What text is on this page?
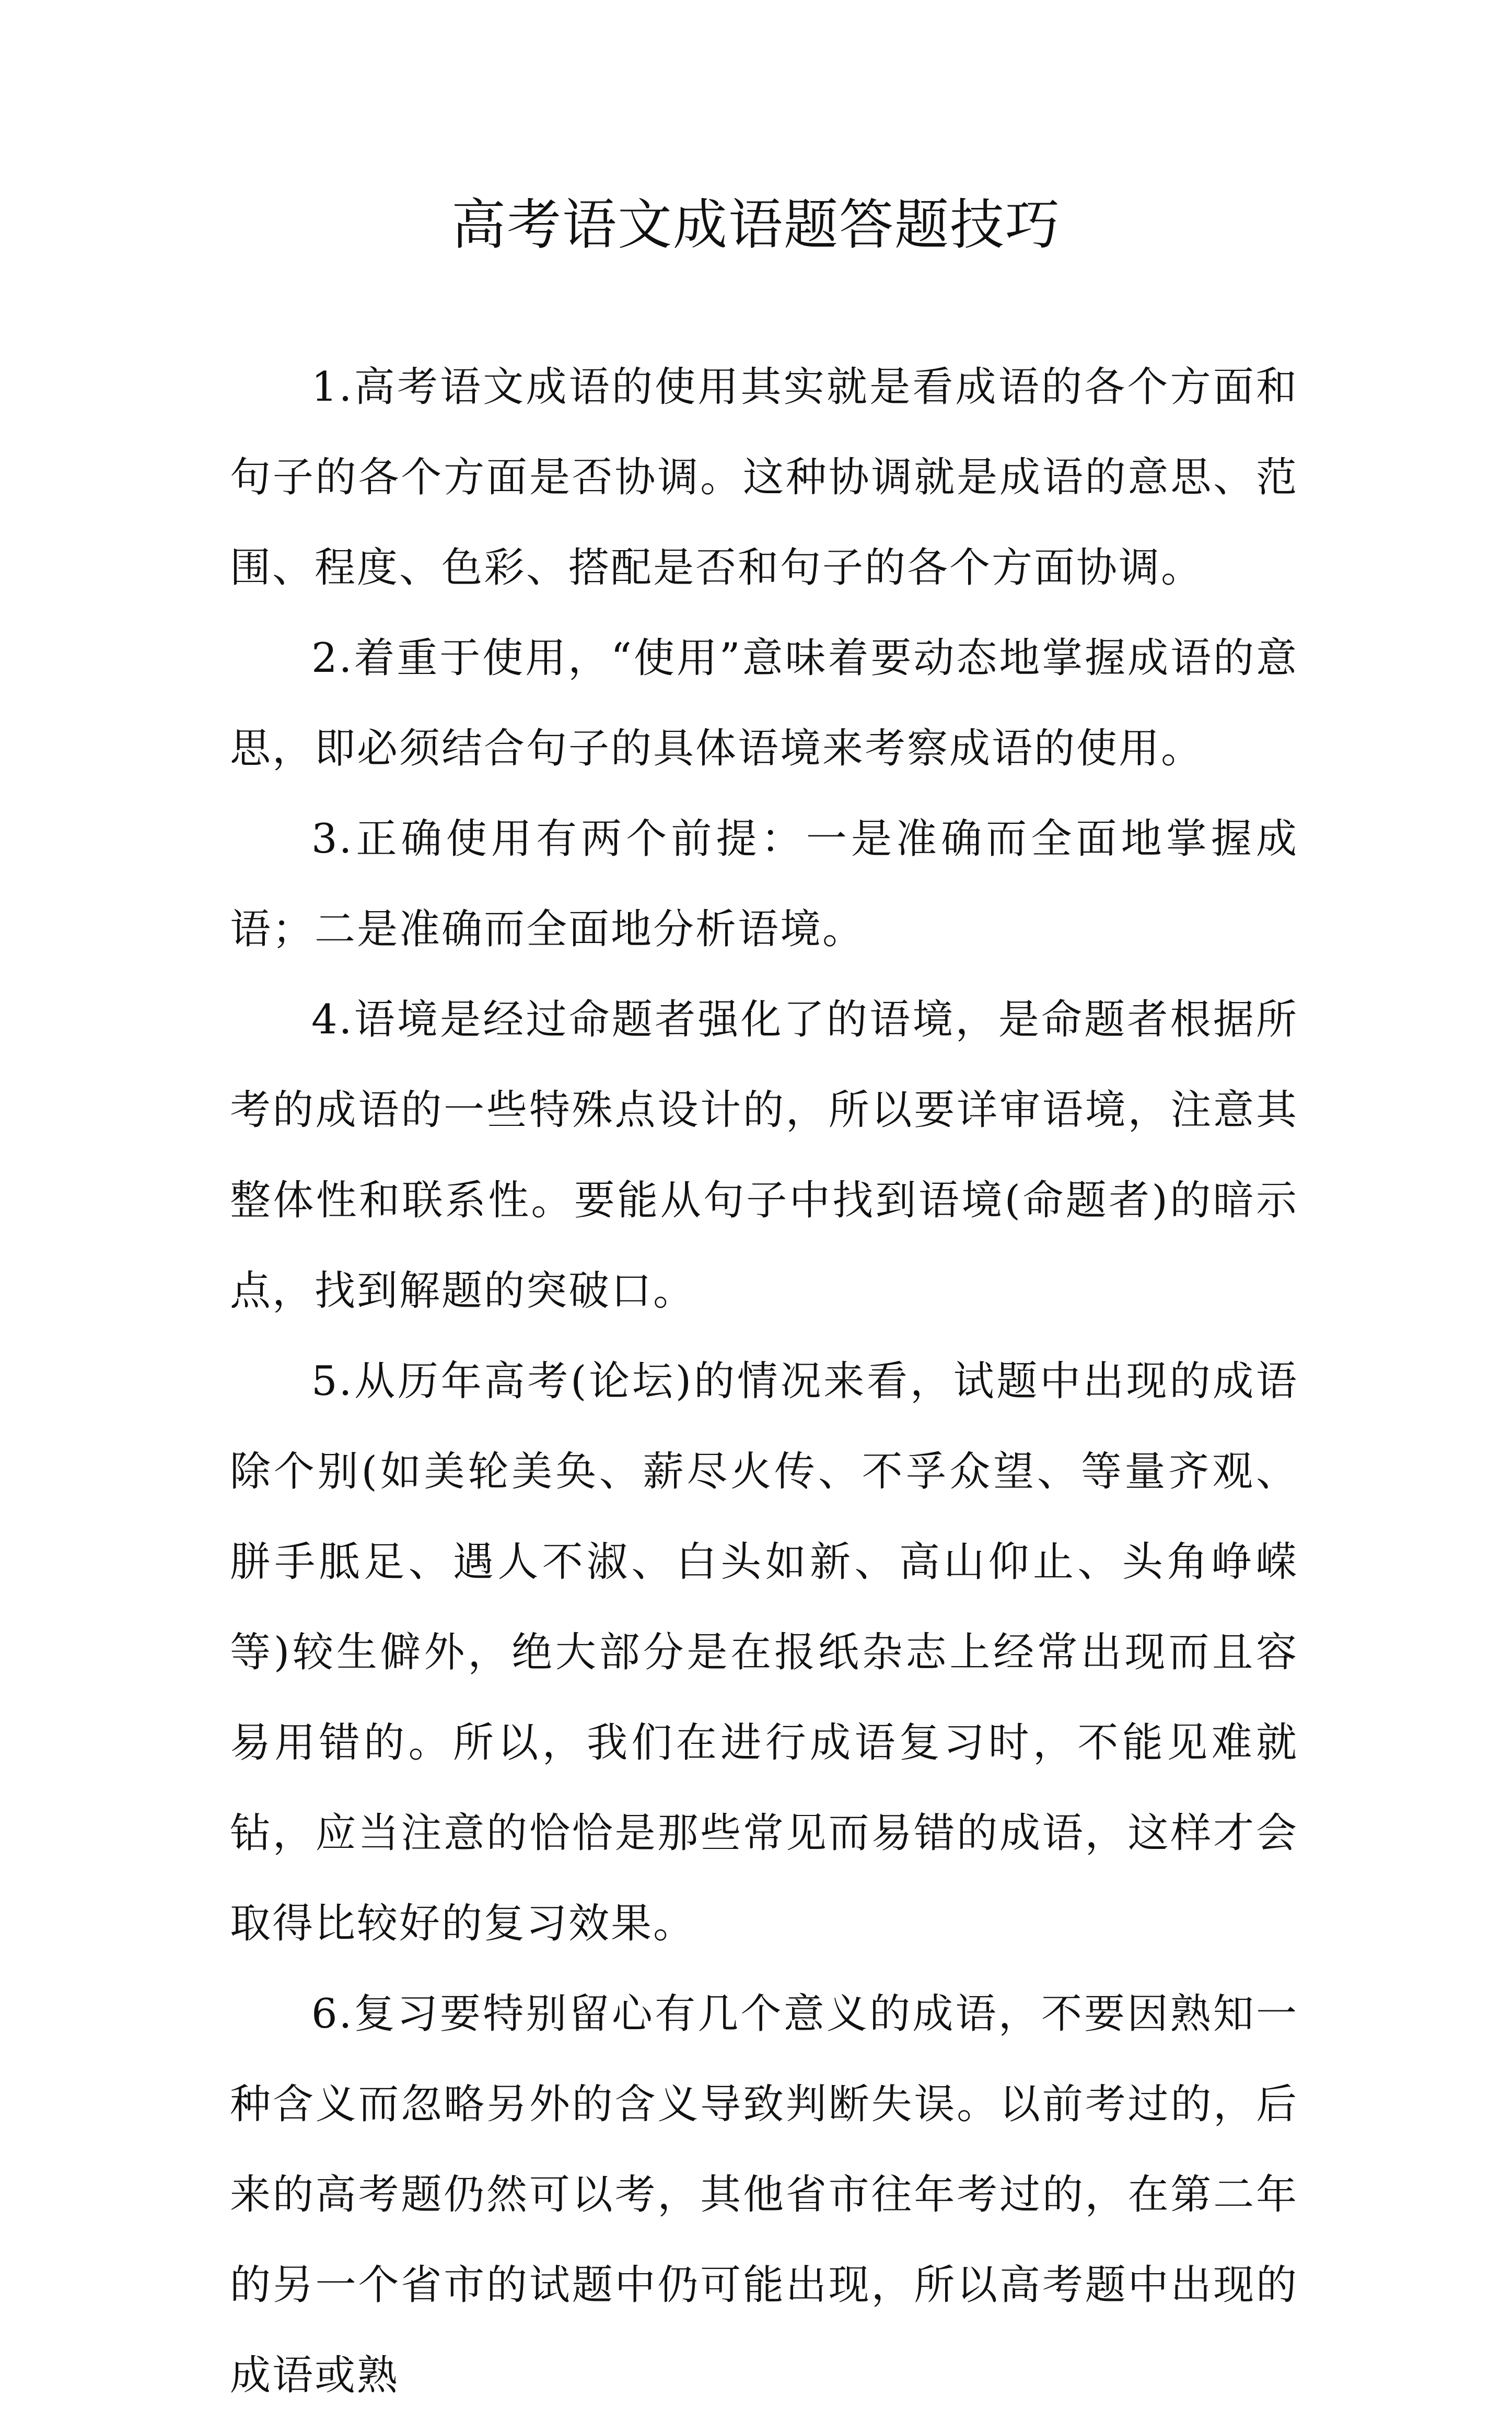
高考语文成语题答题技巧

1.高考语文成语的使用其实就是看成语的各个方面和句子的各个方面是否协调。这种协调就是成语的意思、范围、程度、色彩、搭配是否和句子的各个方面协调。

2.着重于使用，“使用”意味着要动态地掌握成语的意思，即必须结合句子的具体语境来考察成语的使用。

3.正确使用有两个前提：一是准确而全面地掌握成语；二是准确而全面地分析语境。

4.语境是经过命题者强化了的语境，是命题者根据所考的成语的一些特殊点设计的，所以要详审语境，注意其整体性和联系性。要能从句子中找到语境(命题者)的暗示点，找到解题的突破口。

5.从历年高考(论坛)的情况来看，试题中出现的成语除个别(如美轮美奂、薪尽火传、不孚众望、等量齐观、胼手胝足、遇人不淑、白头如新、高山仰止、头角峥嵘等)较生僻外，绝大部分是在报纸杂志上经常出现而且容易用错的。所以，我们在进行成语复习时，不能见难就钻，应当注意的恰恰是那些常见而易错的成语，这样才会取得比较好的复习效果。

6.复习要特别留心有几个意义的成语，不要因熟知一种含义而忽略另外的含义导致判断失误。以前考过的，后来的高考题仍然可以考，其他省市往年考过的，在第二年的另一个省市的试题中仍可能出现，所以高考题中出现的成语或熟
